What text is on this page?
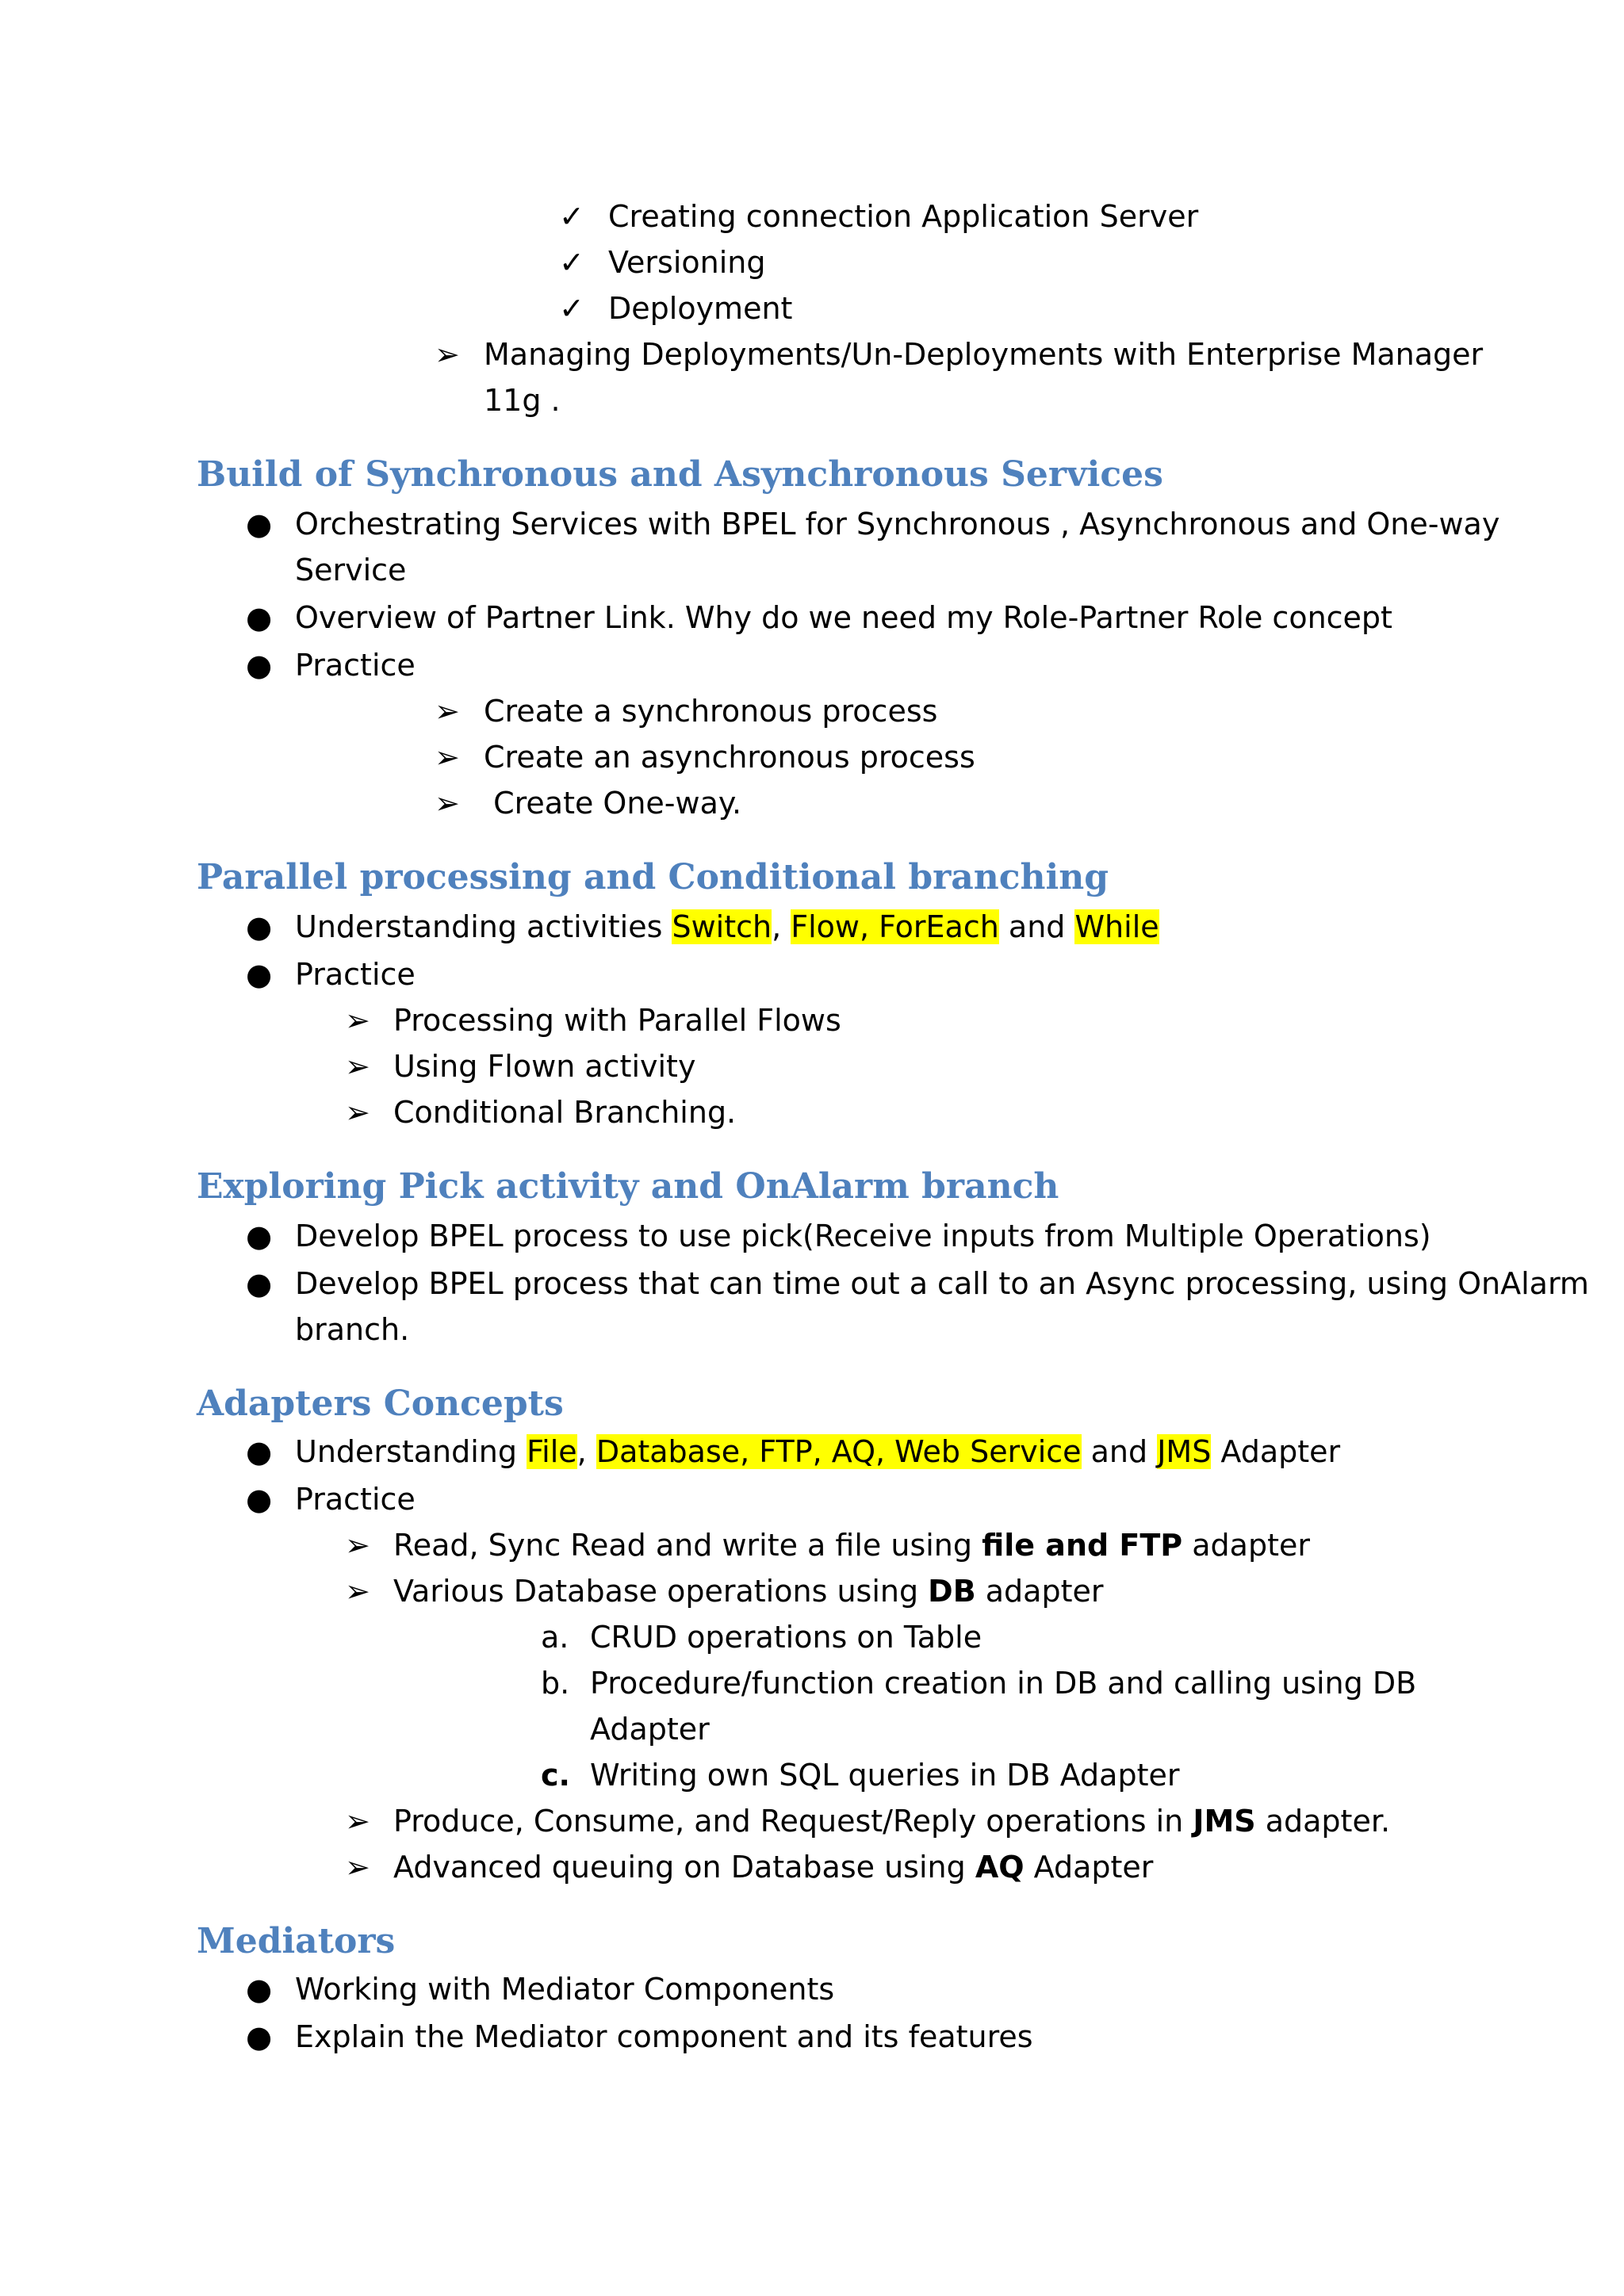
✓ Creating connection Application Server
✓ Versioning
✓ Deployment
➢ Managing Deployments/Un-Deployments with Enterprise Manager
11g .
Build of Synchronous and Asynchronous Services
● Orchestrating Services with BPEL for Synchronous , Asynchronous and One-way
Service
● Overview of Partner Link. Why do we need my Role-Partner Role concept
● Practice
➢ Create a synchronous process
➢ Create an asynchronous process
➢ Create One-way.
Parallel processing and Conditional branching
● Understanding activities Switch, Flow, ForEach and While
● Practice
➢ Processing with Parallel Flows
➢ Using Flown activity
➢ Conditional Branching.
Exploring Pick activity and OnAlarm branch
● Develop BPEL process to use pick(Receive inputs from Multiple Operations)
● Develop BPEL process that can time out a call to an Async processing, using OnAlarm
branch.
Adapters Concepts
● Understanding File, Database, FTP, AQ, Web Service and JMS Adapter
● Practice
➢ Read, Sync Read and write a file using file and FTP adapter
➢ Various Database operations using DB adapter
a. CRUD operations on Table
b. Procedure/function creation in DB and calling using DB
Adapter
c. Writing own SQL queries in DB Adapter
➢ Produce, Consume, and Request/Reply operations in JMS adapter.
➢ Advanced queuing on Database using AQ Adapter
Mediators
● Working with Mediator Components
● Explain the Mediator component and its features
